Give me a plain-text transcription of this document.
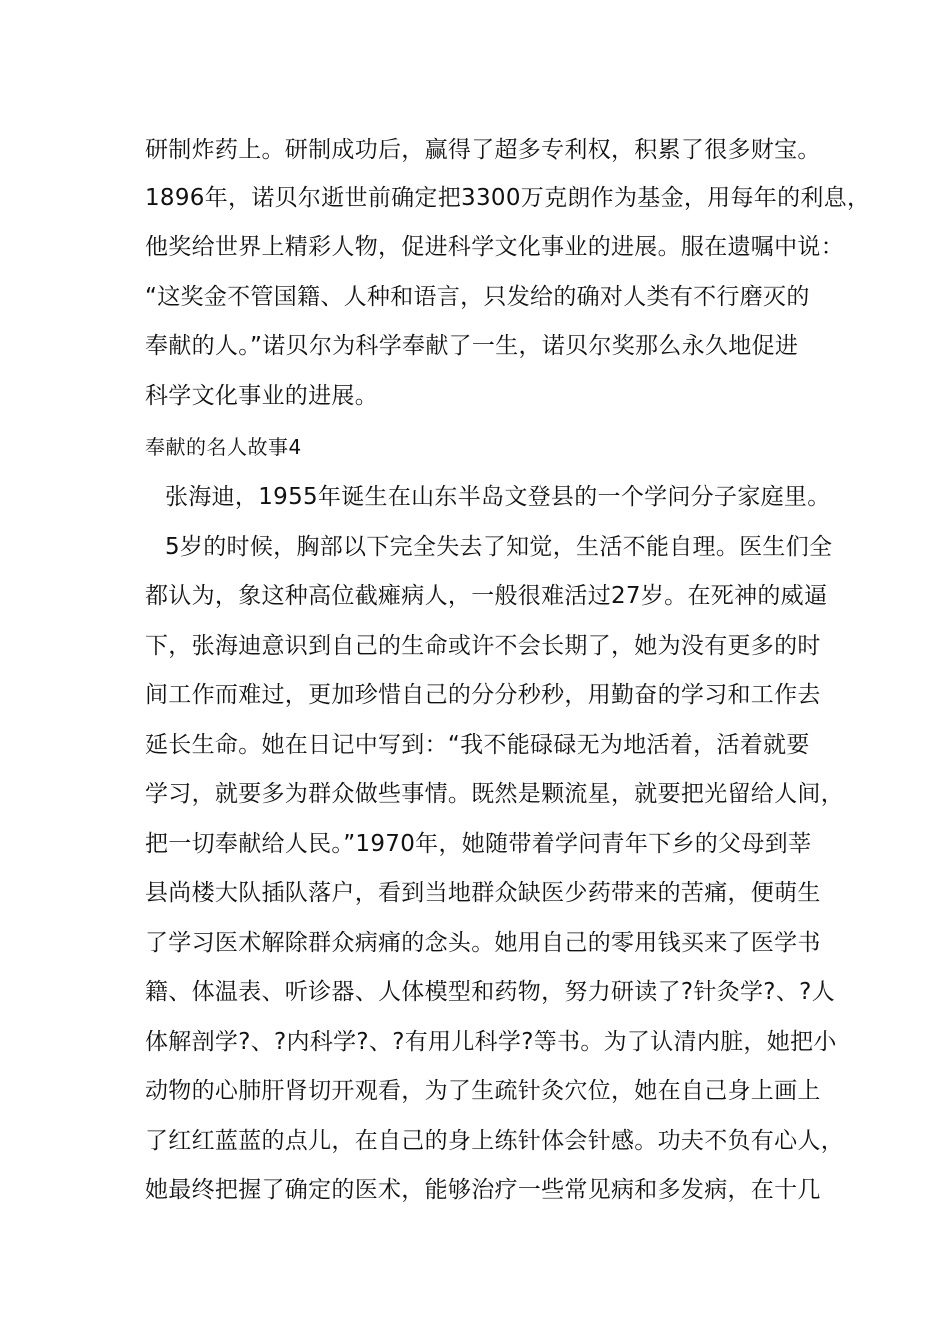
研制炸药上。研制成功后，赢得了超多专利权，积累了很多财宝。

1896年，诺贝尔逝世前确定把3300万克朗作为基金，用每年的利息，

他奖给世界上精彩人物，促进科学文化事业的进展。服在遗嘱中说：

“这奖金不管国籍、人种和语言，只发给的确对人类有不行磨灭的

奉献的人。”诺贝尔为科学奉献了一生，诺贝尔奖那么永久地促进

科学文化事业的进展。

奉献的名人故事4

张海迪，1955年诞生在山东半岛文登县的一个学问分子家庭里。

5岁的时候，胸部以下完全失去了知觉，生活不能自理。医生们全

都认为，象这种高位截瘫病人，一般很难活过27岁。在死神的威逼

下，张海迪意识到自己的生命或许不会长期了，她为没有更多的时

间工作而难过，更加珍惜自己的分分秒秒，用勤奋的学习和工作去

延长生命。她在日记中写到：“我不能碌碌无为地活着，活着就要

学习，就要多为群众做些事情。既然是颗流星，就要把光留给人间，

把一切奉献给人民。”1970年，她随带着学问青年下乡的父母到莘

县尚楼大队插队落户，看到当地群众缺医少药带来的苦痛，便萌生

了学习医术解除群众病痛的念头。她用自己的零用钱买来了医学书

籍、体温表、听诊器、人体模型和药物，努力研读了?针灸学?、?人

体解剖学?、?内科学?、?有用儿科学?等书。为了认清内脏，她把小

动物的心肺肝肾切开观看，为了生疏针灸穴位，她在自己身上画上

了红红蓝蓝的点儿，在自己的身上练针体会针感。功夫不负有心人，

她最终把握了确定的医术，能够治疗一些常见病和多发病，在十几
